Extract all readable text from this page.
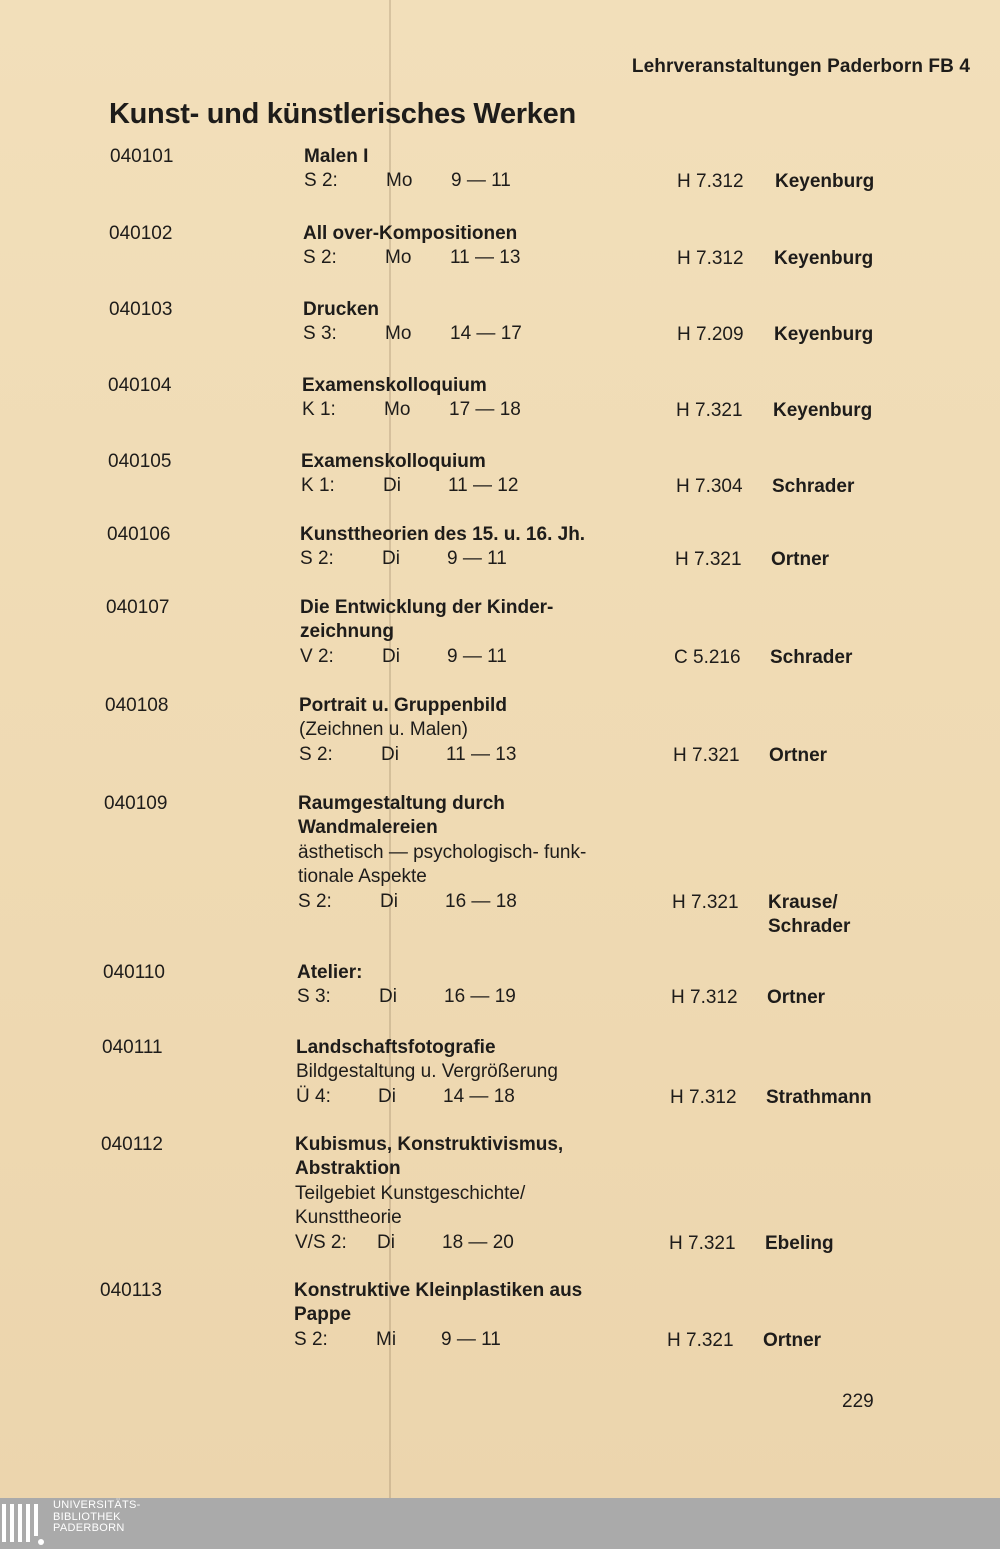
Lehrveranstaltungen Paderborn FB 4
Kunst- und künstlerisches Werken
040101	Malen I
S 2:	Mo 9 — 11	H 7.312 Keyenburg
040102	All over-Kompositionen
S 2:	Mo 11 — 13	H 7.312 Keyenburg
040103	Drucken
S 3:	Mo 14 — 17	H 7.209 Keyenburg
040104	Examenskolloquium
K 1:	Mo 17 — 18	H 7.321 Keyenburg
040105	Examenskolloquium
K 1:	Di 11 — 12	H 7.304 Schrader
040106	Kunsttheorien des 15. u. 16. Jh.
S 2:	Di 9 — 11	H 7.321 Ortner
040107	Die Entwicklung der Kinder-
zeichnung
V 2:	Di 9 — 11	C 5.216 Schrader
040108	Portrait u. Gruppenbild
(Zeichnen u. Malen)
S 2:	Di 11 — 13	H 7.321 Ortner
040109	Raumgestaltung durch
Wandmalereien
ästhetisch — psychologisch- funk-
tionale Aspekte
S 2:	Di 16 — 18	H 7.321 Krause/
Schrader
040110	Atelier:
S 3:	Di 16 — 19	H 7.312 Ortner
040111	Landschaftsfotografie
Bildgestaltung u. Vergrößerung
Ü 4: Di 14 — 18	H 7.312 Strathmann
040112	Kubismus, Konstruktivismus,
Abstraktion
Teilgebiet Kunstgeschichte/
Kunsttheorie
V/S 2: Di 18 — 20	H 7.321 Ebeling
040113	Konstruktive Kleinplastiken aus
Pappe
S 2:	Mi 9 — 11	H 7.321 Ortner
229
UNIVERSITÄTS-
BIBLIOTHEK
PADERBORN
